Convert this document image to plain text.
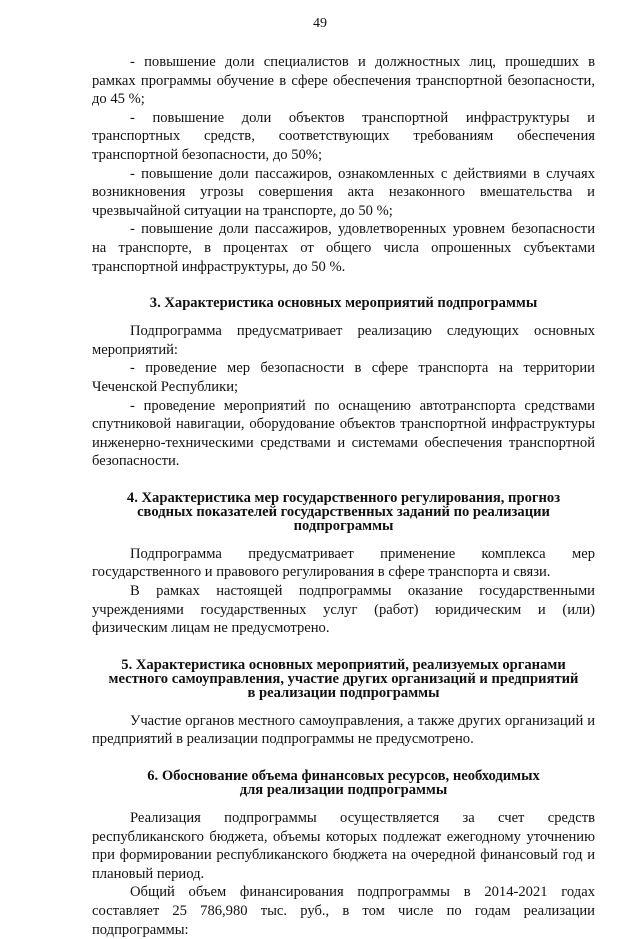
49

- повышение доли специалистов и должностных лиц, прошедших в рамках программы обучение в сфере обеспечения транспортной безопасности, до 45 %;

- повышение доли объектов транспортной инфраструктуры и транспортных средств, соответствующих требованиям обеспечения транспортной безопасности, до 50%;

- повышение доли пассажиров, ознакомленных с действиями в случаях возникновения угрозы совершения акта незаконного вмешательства и чрезвычайной ситуации на транспорте, до 50 %;

- повышение доли пассажиров, удовлетворенных уровнем безопасности на транспорте, в процентах от общего числа опрошенных субъектами транспортной инфраструктуры, до 50 %.

3. Характеристика основных мероприятий подпрограммы

Подпрограмма предусматривает реализацию следующих основных мероприятий:

- проведение мер безопасности в сфере транспорта на территории Чеченской Республики;

- проведение мероприятий по оснащению автотранспорта средствами спутниковой навигации, оборудование объектов транспортной инфраструктуры инженерно-техническими средствами и системами обеспечения транспортной безопасности.

4. Характеристика мер государственного регулирования, прогноз
сводных показателей государственных заданий по реализации
подпрограммы

Подпрограмма предусматривает применение комплекса мер государственного и правового регулирования в сфере транспорта и связи.

В рамках настоящей подпрограммы оказание государственными учреждениями государственных услуг (работ) юридическим и (или) физическим лицам не предусмотрено.

5. Характеристика основных мероприятий, реализуемых органами
местного самоуправления, участие других организаций и предприятий
в реализации подпрограммы

Участие органов местного самоуправления, а также других организаций и предприятий в реализации подпрограммы не предусмотрено.

6. Обоснование объема финансовых ресурсов, необходимых
для реализации подпрограммы

Реализация подпрограммы осуществляется за счет средств республиканского бюджета, объемы которых подлежат ежегодному уточнению при формировании республиканского бюджета на очередной финансовый год и плановый период.

Общий объем финансирования подпрограммы в 2014-2021 годах составляет 25 786,980 тыс. руб., в том числе по годам реализации подпрограммы:
